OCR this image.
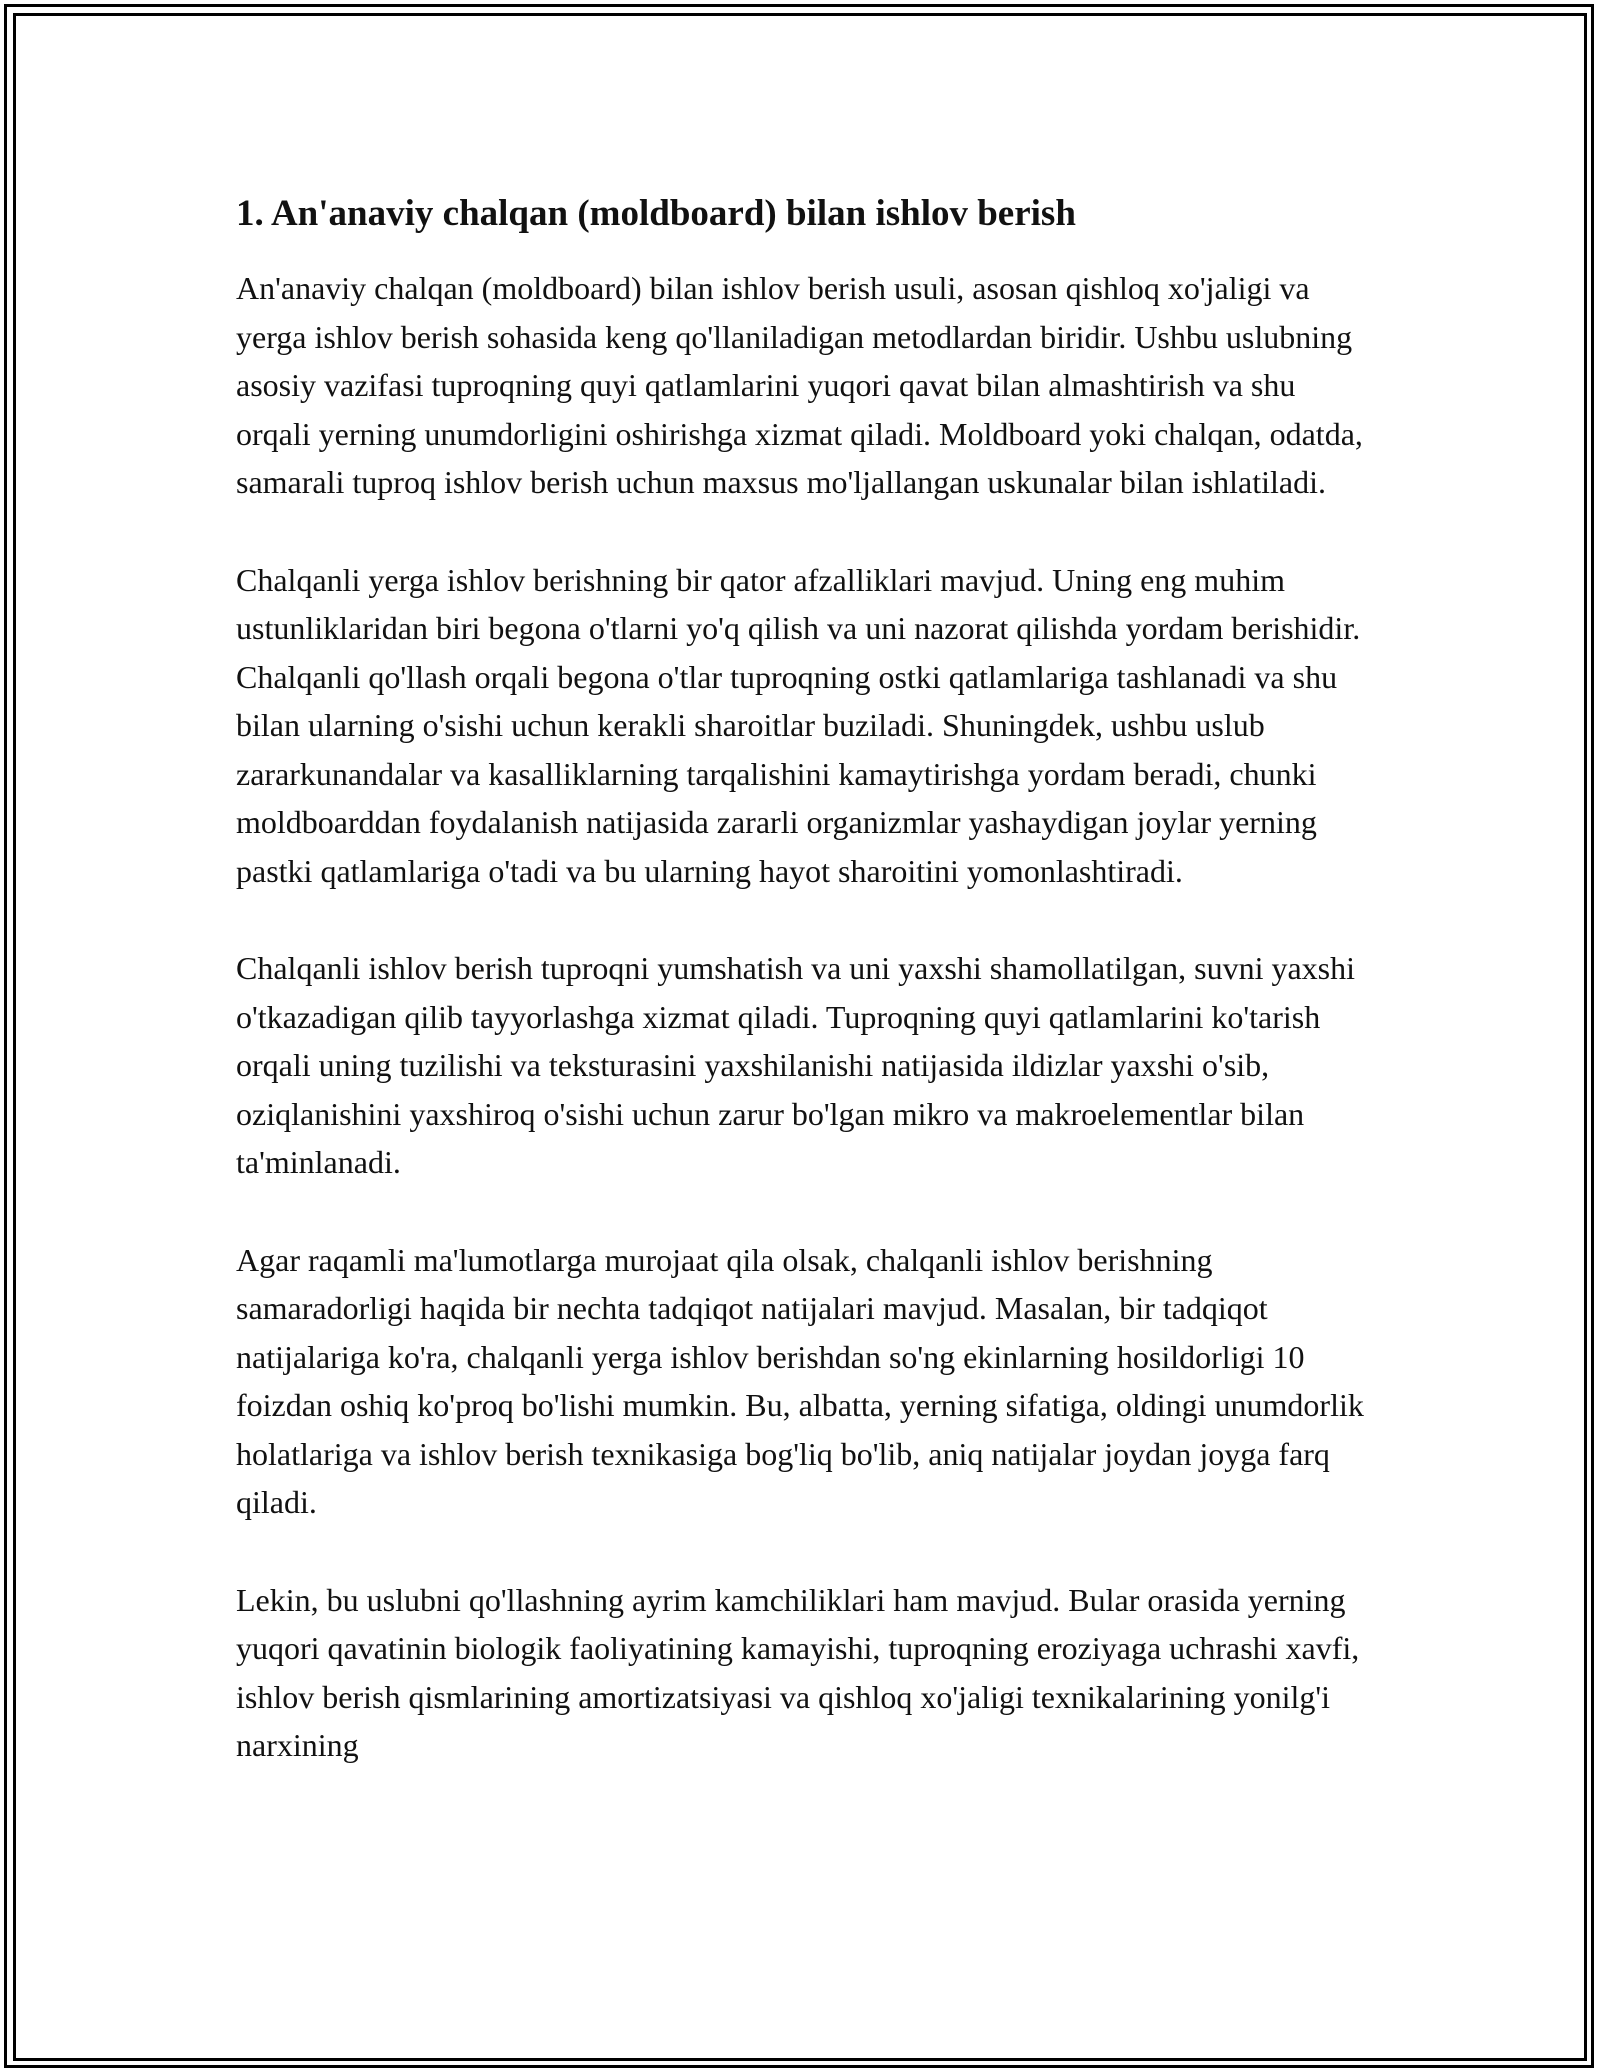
1. An'anaviy chalqan (moldboard) bilan ishlov berish

An'anaviy chalqan (moldboard) bilan ishlov berish usuli, asosan qishloq xo'jaligi va yerga ishlov berish sohasida keng qo'llaniladigan metodlardan biridir. Ushbu uslubning asosiy vazifasi tuproqning quyi qatlamlarini yuqori qavat bilan almashtirish va shu orqali yerning unumdorligini oshirishga xizmat qiladi. Moldboard yoki chalqan, odatda, samarali tuproq ishlov berish uchun maxsus mo'ljallangan uskunalar bilan ishlatiladi.

Chalqanli yerga ishlov berishning bir qator afzalliklari mavjud. Uning eng muhim ustunliklaridan biri begona o'tlarni yo'q qilish va uni nazorat qilishda yordam berishidir. Chalqanli qo'llash orqali begona o'tlar tuproqning ostki qatlamlariga tashlanadi va shu bilan ularning o'sishi uchun kerakli sharoitlar buziladi. Shuningdek, ushbu uslub zararkunandalar va kasalliklarning tarqalishini kamaytirishga yordam beradi, chunki moldboarddan foydalanish natijasida zararli organizmlar yashaydigan joylar yerning pastki qatlamlariga o'tadi va bu ularning hayot sharoitini yomonlashtiradi.

Chalqanli ishlov berish tuproqni yumshatish va uni yaxshi shamollatilgan, suvni yaxshi o'tkazadigan qilib tayyorlashga xizmat qiladi. Tuproqning quyi qatlamlarini ko'tarish orqali uning tuzilishi va teksturasini yaxshilanishi natijasida ildizlar yaxshi o'sib, oziqlanishini yaxshiroq o'sishi uchun zarur bo'lgan mikro va makroelementlar bilan ta'minlanadi.

Agar raqamli ma'lumotlarga murojaat qila olsak, chalqanli ishlov berishning samaradorligi haqida bir nechta tadqiqot natijalari mavjud. Masalan, bir tadqiqot natijalariga ko'ra, chalqanli yerga ishlov berishdan so'ng ekinlarning hosildorligi 10 foizdan oshiq ko'proq bo'lishi mumkin. Bu, albatta, yerning sifatiga, oldingi unumdorlik holatlariga va ishlov berish texnikasiga bog'liq bo'lib, aniq natijalar joydan joyga farq qiladi.

Lekin, bu uslubni qo'llashning ayrim kamchiliklari ham mavjud. Bular orasida yerning yuqori qavatinin biologik faoliyatining kamayishi, tuproqning eroziyaga uchrashi xavfi, ishlov berish qismlarining amortizatsiyasi va qishloq xo'jaligi texnikalarining yonilg'i narxining
